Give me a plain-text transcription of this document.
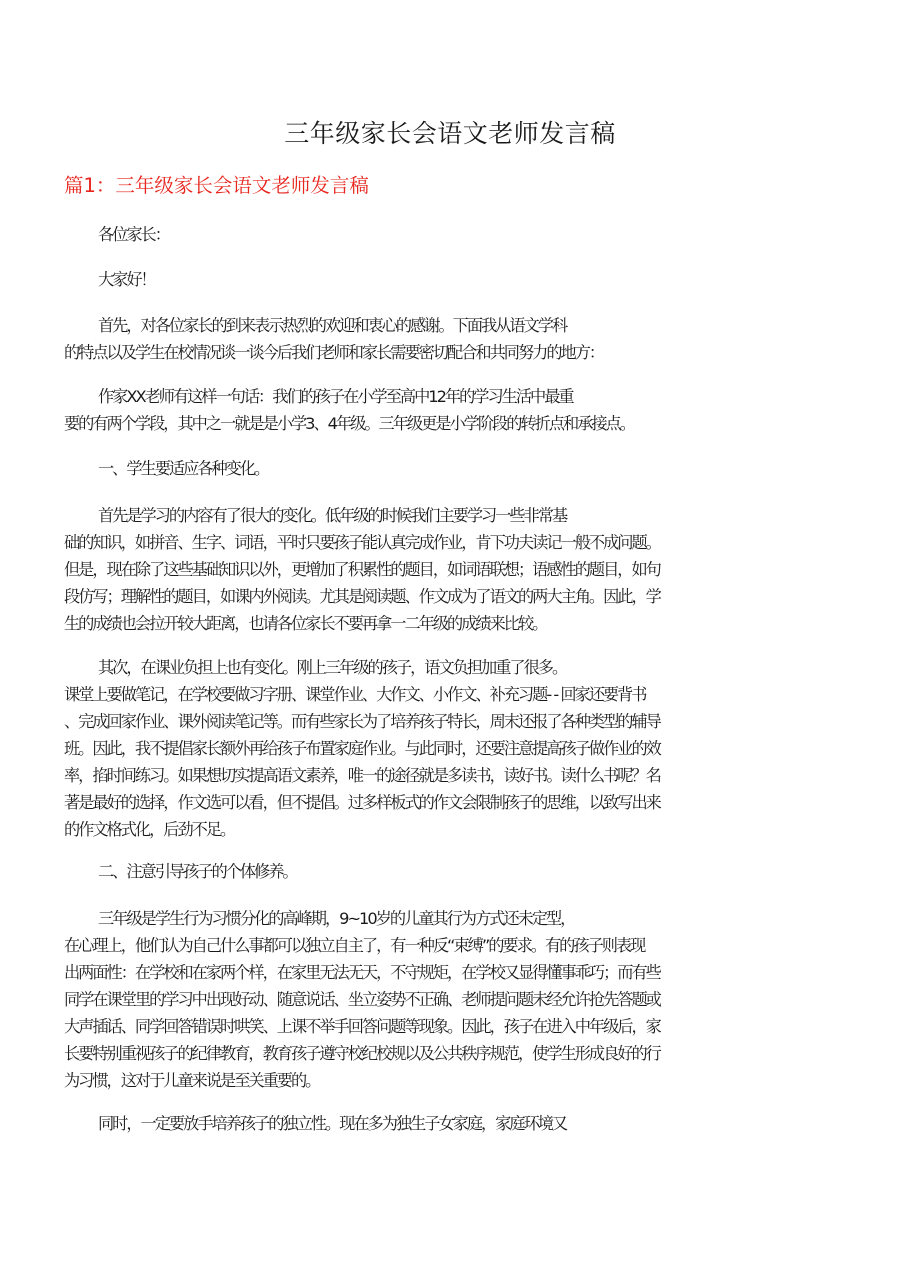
三年级家长会语文老师发言稿
篇1：三年级家长会语文老师发言稿
各位家长：
大家好！
首先，对各位家长的到来表示热烈的欢迎和衷心的感谢。下面我从语文学科
的特点以及学生在校情况谈一谈今后我们老师和家长需要密切配合和共同努力的地方：
作家XX老师有这样一句话：我们的孩子在小学至高中12年的学习生活中最重
要的有两个学段，其中之一就是是小学3、4年级。三年级更是小学阶段的转折点和承接点。
一、学生要适应各种变化。
首先是学习的内容有了很大的变化。低年级的时候我们主要学习一些非常基
础的知识，如拼音、生字、词语，平时只要孩子能认真完成作业，肯下功夫读记一般不成问题。
但是，现在除了这些基础知识以外，更增加了积累性的题目，如词语联想；语感性的题目，如句
段仿写；理解性的题目，如课内外阅读。尤其是阅读题、作文成为了语文的两大主角。因此，学
生的成绩也会拉开较大距离，也请各位家长不要再拿一二年级的成绩来比较。
其次，在课业负担上也有变化。刚上三年级的孩子，语文负担加重了很多。
课堂上要做笔记，在学校要做习字册、课堂作业、大作文、小作文、补充习题- - 回家还要背书
、完成回家作业、课外阅读笔记等。而有些家长为了培养孩子特长，周末还报了各种类型的辅导
班。因此，我不提倡家长额外再给孩子布置家庭作业。与此同时，还要注意提高孩子做作业的效
率，掐时间练习。如果想切实提高语文素养，唯一的途径就是多读书，读好书。读什么书呢？名
著是最好的选择，作文选可以看，但不提倡。过多样板式的作文会限制孩子的思维，以致写出来
的作文格式化，后劲不足。
二、注意引导孩子的个体修养。
三年级是学生行为习惯分化的高峰期，9~10岁的儿童其行为方式还未定型，
在心理上，他们认为自己什么事都可以独立自主了，有一种反“束缚”的要求。有的孩子则表现
出两面性：在学校和在家两个样，在家里无法无天，不守规矩，在学校又显得懂事乖巧；而有些
同学在课堂里的学习中出现好动、随意说话、坐立姿势不正确、老师提问题未经允许抢先答题或
大声插话、同学回答错误时哄笑、上课不举手回答问题等现象。因此，孩子在进入中年级后，家
长要特别重视孩子的纪律教育，教育孩子遵守校纪校规以及公共秩序规范，使学生形成良好的行
为习惯，这对于儿童来说是至关重要的。
同时，一定要放手培养孩子的独立性。现在多为独生子女家庭，家庭环境又
